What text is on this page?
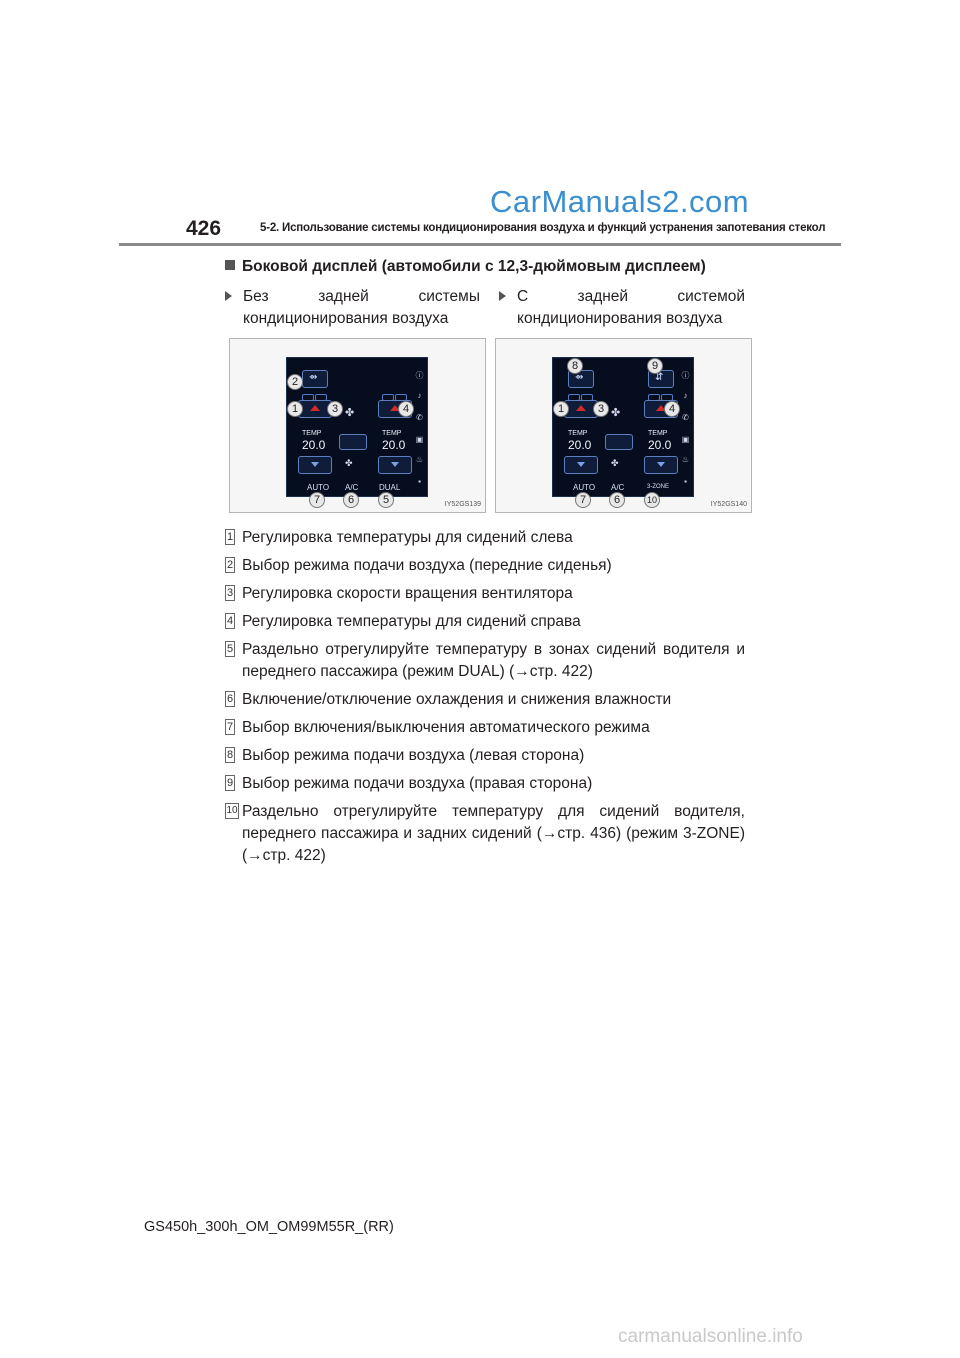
CarManuals2.com
426	5-2. Использование системы кондиционирования воздуха и функций устранения запотевания стекол
Боковой дисплей (автомобили с 12,3-дюймовым дисплеем)
Без	задней	системы
кондиционирования воздуха
С	задней	системой
кондиционирования воздуха
⇴
TEMP
20.0
✤
✤
TEMP
20.0
AUTO A/C	DUAL
ⓘ
♪
✆
▣
♨
▪
2
1	3	4
7	6	5	IY52GS139
⇴	⇵
TEMP
20.0
✤
✤
TEMP
20.0
AUTO A/C	3-ZONE
ⓘ
♪
✆
▣
♨
▪
8	9
1	3	4
7	6	10	IY52GS140
1 Регулировка температуры для сидений слева
2 Выбор режима подачи воздуха (передние сиденья)
3 Регулировка скорости вращения вентилятора
4 Регулировка температуры для сидений справа
5 Раздельно отрегулируйте температуру в зонах сидений водителя и переднего пассажира (режим DUAL) (→стр. 422)
6 Включение/отключение охлаждения и снижения влажности
7 Выбор включения/выключения автоматического режима
8 Выбор режима подачи воздуха (левая сторона)
9 Выбор режима подачи воздуха (правая сторона)
10 Раздельно отрегулируйте температуру для сидений водителя, переднего пассажира и задних сидений (→стр. 436) (режим 3-ZONE) (→стр. 422)
GS450h_300h_OM_OM99M55R_(RR)
carmanualsonline.info
